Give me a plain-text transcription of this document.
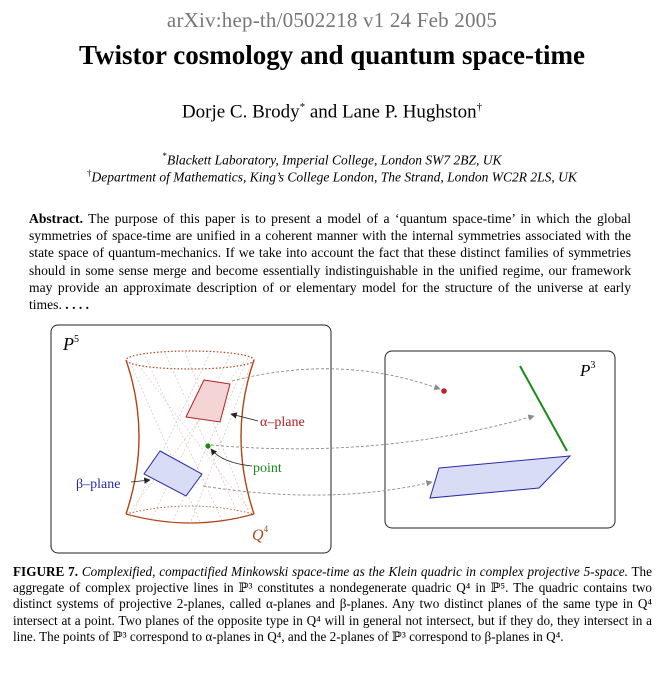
arXiv:hep-th/0502218 v1 24 Feb 2005
Twistor cosmology and quantum space-time
Dorje C. Brody* and Lane P. Hughston†
*Blackett Laboratory, Imperial College, London SW7 2BZ, UK
†Department of Mathematics, King’s College London, The Strand, London WC2R 2LS, UK
Abstract. The purpose of this paper is to present a model of a ‘quantum space-time’ in which the global symmetries of space-time are unified in a coherent manner with the internal symmetries associated with the state space of quantum-mechanics. If we take into account the fact that these distinct families of symmetries should in some sense merge and become essentially indistinguishable in the unified regime, our framework may provide an approximate description of or elementary model for the structure of the universe at early times. . . . .
$P^5$
α–plane
point
β–plane
$Q^4$
$P^3$
FIGURE 7. Complexified, compactified Minkowski space-time as the Klein quadric in complex projective 5-space. The aggregate of complex projective lines in ℙ³ constitutes a nondegenerate quadric Q⁴ in ℙ⁵. The quadric contains two distinct systems of projective 2-planes, called α-planes and β-planes. Any two distinct planes of the same type in Q⁴ intersect at a point. Two planes of the opposite type in Q⁴ will in general not intersect, but if they do, they intersect in a line. The points of ℙ³ correspond to α-planes in Q⁴, and the 2-planes of ℙ³ correspond to β-planes in Q⁴.
